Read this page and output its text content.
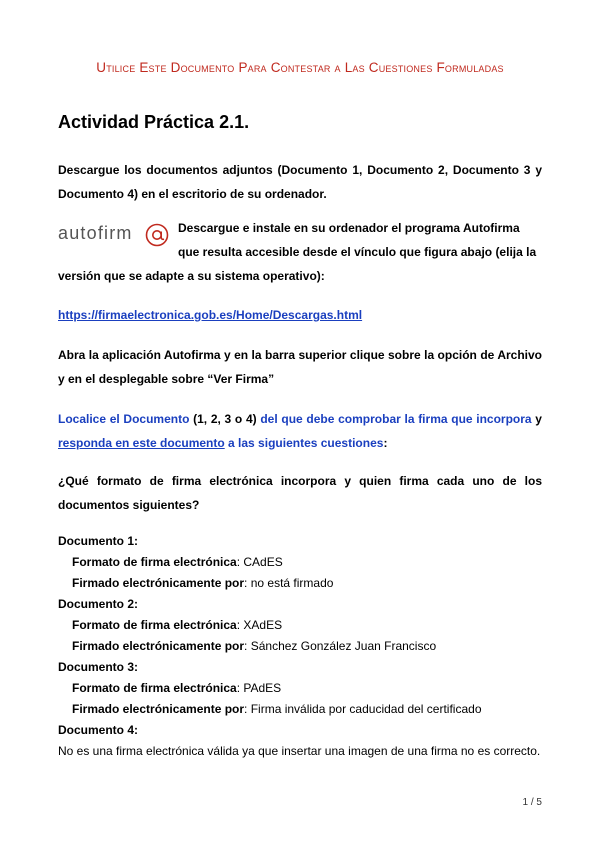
Utilice Este Documento Para Contestar a Las Cuestiones Formuladas
Actividad Práctica 2.1.
Descargue los documentos adjuntos (Documento 1, Documento 2, Documento 3 y Documento 4) en el escritorio de su ordenador.
autofirm	Descargue e instale en su ordenador el programa Autofirma
que resulta accesible desde el vínculo que figura abajo (elija la
versión que se adapte a su sistema operativo):
https://firmaelectronica.gob.es/Home/Descargas.html
Abra la aplicación Autofirma y en la barra superior clique sobre la opción de Archivo y en el desplegable sobre “Ver Firma”
Localice el Documento (1, 2, 3 o 4) del que debe comprobar la firma que incorpora y responda en este documento a las siguientes cuestiones:
¿Qué formato de firma electrónica incorpora y quien firma cada uno de los documentos siguientes?
Documento 1:
Formato de firma electrónica: CAdES
Firmado electrónicamente por: no está firmado
Documento 2:
Formato de firma electrónica: XAdES
Firmado electrónicamente por: Sánchez González Juan Francisco
Documento 3:
Formato de firma electrónica: PAdES
Firmado electrónicamente por: Firma inválida por caducidad del certificado
Documento 4:
No es una firma electrónica válida ya que insertar una imagen de una firma no es correcto.
1 / 5
